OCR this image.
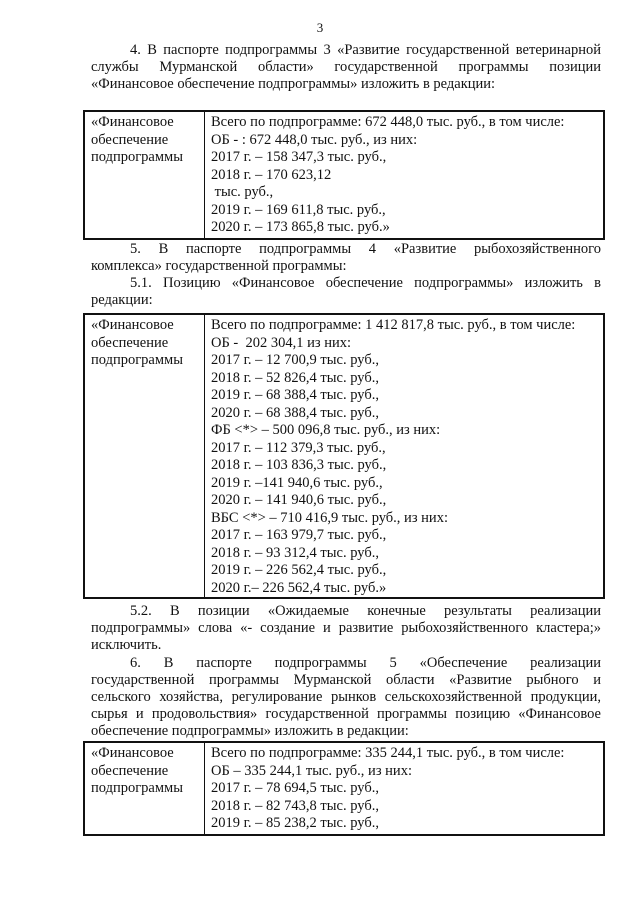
3
4. В паспорте подпрограммы 3 «Развитие государственной ветеринарной
службы Мурманской области» государственной программы позиции
«Финансовое обеспечение подпрограммы» изложить в редакции:
«Финансовое
обеспечение
подпрограммы
Всего по подпрограмме: 672 448,0 тыс. руб., в том числе:
ОБ - : 672 448,0 тыс. руб., из них:
2017 г. – 158 347,3 тыс. руб.,
2018 г. – 170 623,12
тыс. руб.,
2019 г. – 169 611,8 тыс. руб.,
2020 г. – 173 865,8 тыс. руб.»
5. В паспорте подпрограммы 4 «Развитие рыбохозяйственного
комплекса» государственной программы:
5.1. Позицию «Финансовое обеспечение подпрограммы» изложить в
редакции:
«Финансовое
обеспечение
подпрограммы
Всего по подпрограмме: 1 412 817,8 тыс. руб., в том числе:
ОБ -  202 304,1 из них:
2017 г. – 12 700,9 тыс. руб.,
2018 г. – 52 826,4 тыс. руб.,
2019 г. – 68 388,4 тыс. руб.,
2020 г. – 68 388,4 тыс. руб.,
ФБ <*> – 500 096,8 тыс. руб., из них:
2017 г. – 112 379,3 тыс. руб.,
2018 г. – 103 836,3 тыс. руб.,
2019 г. –141 940,6 тыс. руб.,
2020 г. – 141 940,6 тыс. руб.,
ВБС <*> – 710 416,9 тыс. руб., из них:
2017 г. – 163 979,7 тыс. руб.,
2018 г. – 93 312,4 тыс. руб.,
2019 г. – 226 562,4 тыс. руб.,
2020 г.– 226 562,4 тыс. руб.»
5.2. В позиции «Ожидаемые конечные результаты реализации
подпрограммы» слова «- создание и развитие рыбохозяйственного кластера;»
исключить.
6. В паспорте подпрограммы 5 «Обеспечение реализации
государственной программы Мурманской области «Развитие рыбного и
сельского хозяйства, регулирование рынков сельскохозяйственной продукции,
сырья и продовольствия» государственной программы позицию «Финансовое
обеспечение подпрограммы» изложить в редакции:
«Финансовое
обеспечение
подпрограммы
Всего по подпрограмме: 335 244,1 тыс. руб., в том числе:
ОБ – 335 244,1 тыс. руб., из них:
2017 г. – 78 694,5 тыс. руб.,
2018 г. – 82 743,8 тыс. руб.,
2019 г. – 85 238,2 тыс. руб.,
